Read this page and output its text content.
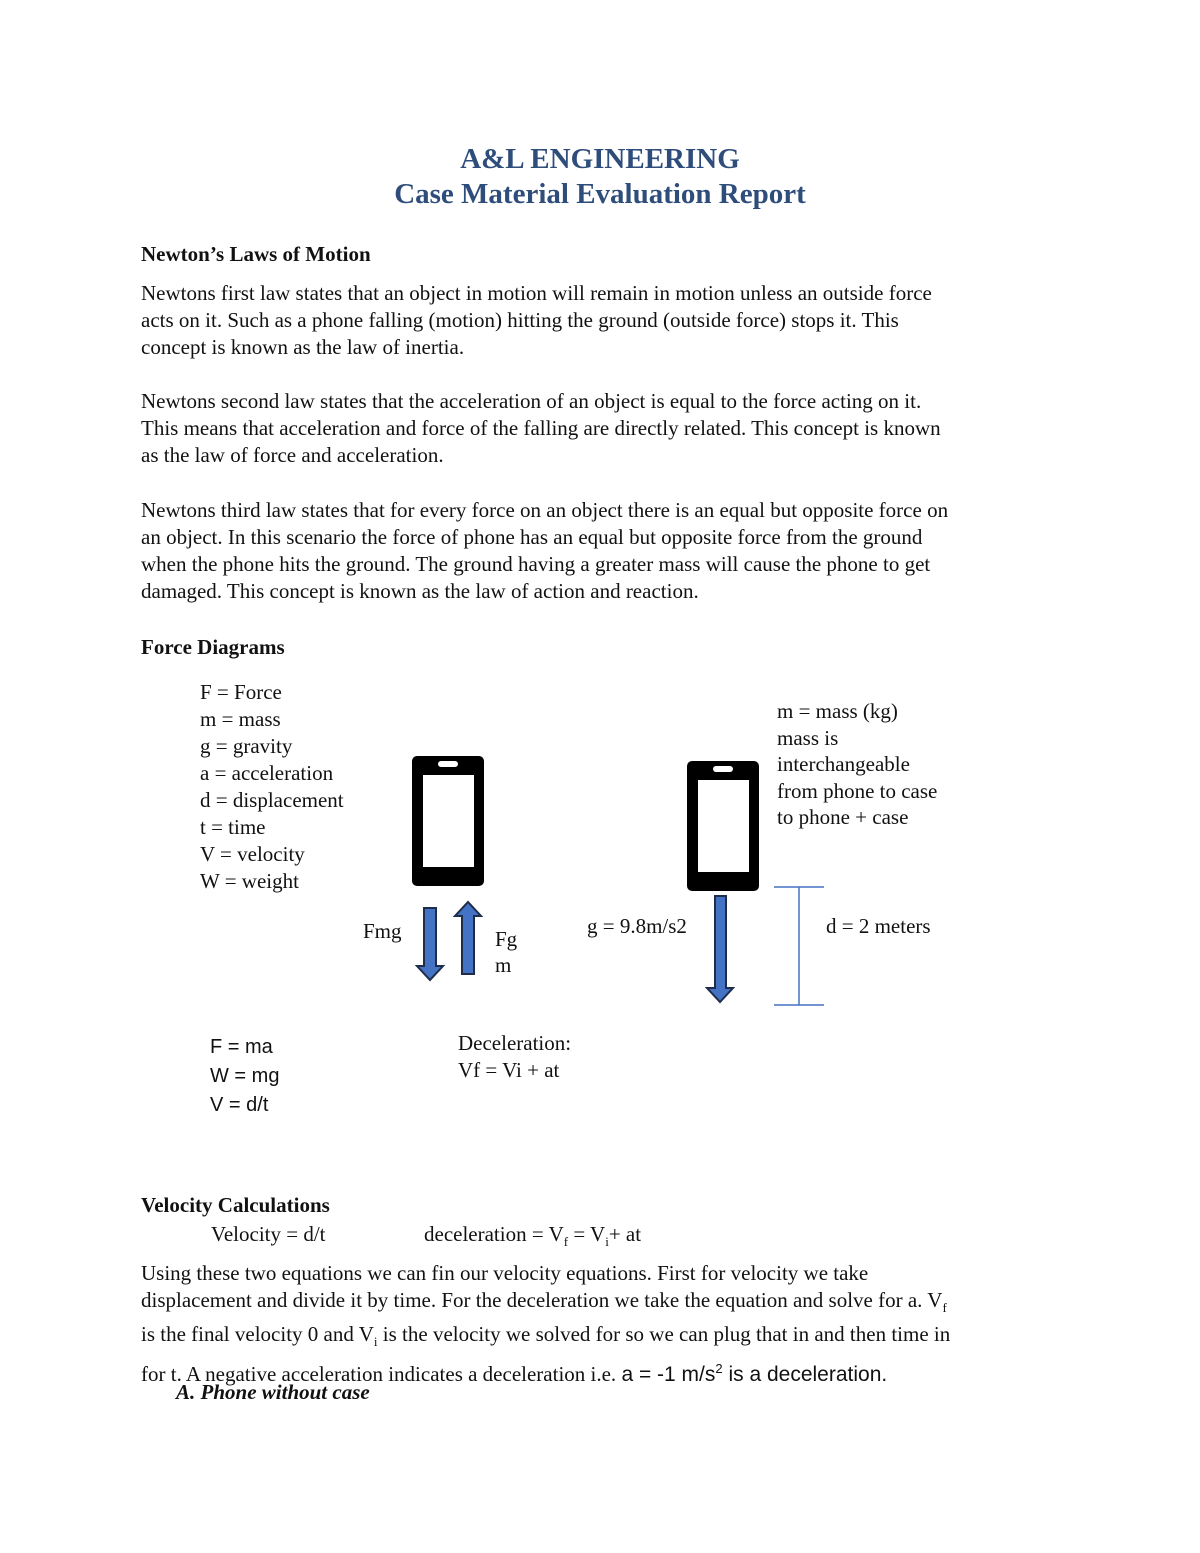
A&L ENGINEERING
Case Material Evaluation Report
Newton’s Laws of Motion
Newtons first law states that an object in motion will remain in motion unless an outside force
acts on it. Such as a phone falling (motion) hitting the ground (outside force) stops it. This
concept is known as the law of inertia.
Newtons second law states that the acceleration of an object is equal to the force acting on it.
This means that acceleration and force of the falling are directly related. This concept is known
as the law of force and acceleration.
Newtons third law states that for every force on an object there is an equal but opposite force on
an object. In this scenario the force of phone has an equal but opposite force from the ground
when the phone hits the ground. The ground having a greater mass will cause the phone to get
damaged. This concept is known as the law of action and reaction.
Force Diagrams
F = Force
m = mass
g = gravity
a = acceleration
d = displacement
t = time
V = velocity
W = weight
m = mass (kg)
mass is
interchangeable
from phone to case
to phone + case
Fmg	Fg
m
g = 9.8m/s2	d = 2 meters
F = ma
W = mg
V = d/t
Deceleration:
Vf = Vi + at
Velocity Calculations
Velocity = d/t	deceleration = $V_f = V_i+$ at
Using these two equations we can fin our velocity equations. First for velocity we take
displacement and divide it by time. For the deceleration we take the equation and solve for a. $V_f$
is the final velocity 0 and $V_i$ is the velocity we solved for so we can plug that in and then time in
for t. A negative acceleration indicates a deceleration i.e. a = -1 $m/s^2$ is a deceleration.
A. Phone without case
